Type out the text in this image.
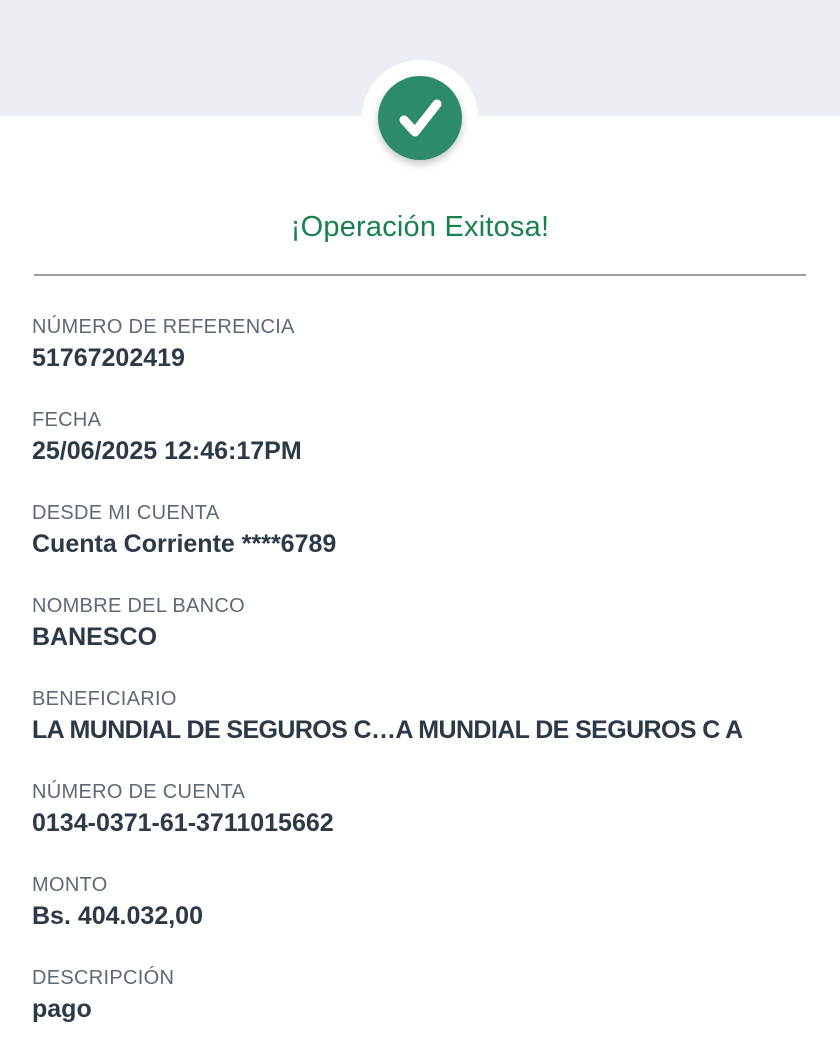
¡Operación Exitosa!
NÚMERO DE REFERENCIA
51767202419
FECHA
25/06/2025 12:46:17PM
DESDE MI CUENTA
Cuenta Corriente ****6789
NOMBRE DEL BANCO
BANESCO
BENEFICIARIO
LA MUNDIAL DE SEGUROS C…A MUNDIAL DE SEGUROS C A
NÚMERO DE CUENTA
0134-0371-61-3711015662
MONTO
Bs. 404.032,00
DESCRIPCIÓN
pago
